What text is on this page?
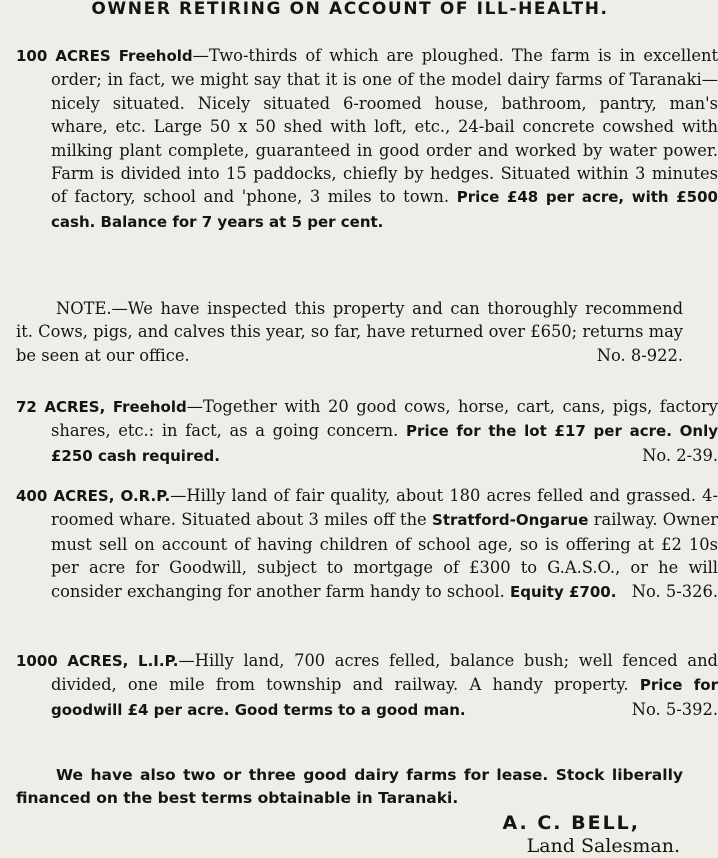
OWNER RETIRING ON ACCOUNT OF ILL-HEALTH.
100 ACRES Freehold—Two-thirds of which are ploughed. The farm is in excellent order; in fact, we might say that it is one of the model dairy farms of Taranaki—nicely situated. Nicely situated 6-roomed house, bathroom, pantry, man's whare, etc. Large 50 x 50 shed with loft, etc., 24-bail concrete cowshed with milking plant complete, guaranteed in good order and worked by water power. Farm is divided into 15 paddocks, chiefly by hedges. Situated within 3 minutes of factory, school and 'phone, 3 miles to town. Price £48 per acre, with £500 cash. Balance for 7 years at 5 per cent.
NOTE.—We have inspected this property and can thoroughly recommend it. Cows, pigs, and calves this year, so far, have returned over £650; returns may be seen at our office.	No. 8-922.
72 ACRES, Freehold—Together with 20 good cows, horse, cart, cans, pigs, factory shares, etc.: in fact, as a going concern. Price for the lot £17 per acre. Only £250 cash required.	No. 2-39.
400 ACRES, O.R.P.—Hilly land of fair quality, about 180 acres felled and grassed. 4-roomed whare. Situated about 3 miles off the Stratford-Ongarue railway. Owner must sell on account of having children of school age, so is offering at £2 10s per acre for Goodwill, subject to mortgage of £300 to G.A.S.O., or he will consider exchanging for another farm handy to school. Equity £700. No. 5-326.
1000 ACRES, L.I.P.—Hilly land, 700 acres felled, balance bush; well fenced and divided, one mile from township and railway. A handy property. Price for goodwill £4 per acre. Good terms to a good man.	No. 5-392.
We have also two or three good dairy farms for lease. Stock liberally financed on the best terms obtainable in Taranaki.
A. C. BELL,
Land Salesman.
